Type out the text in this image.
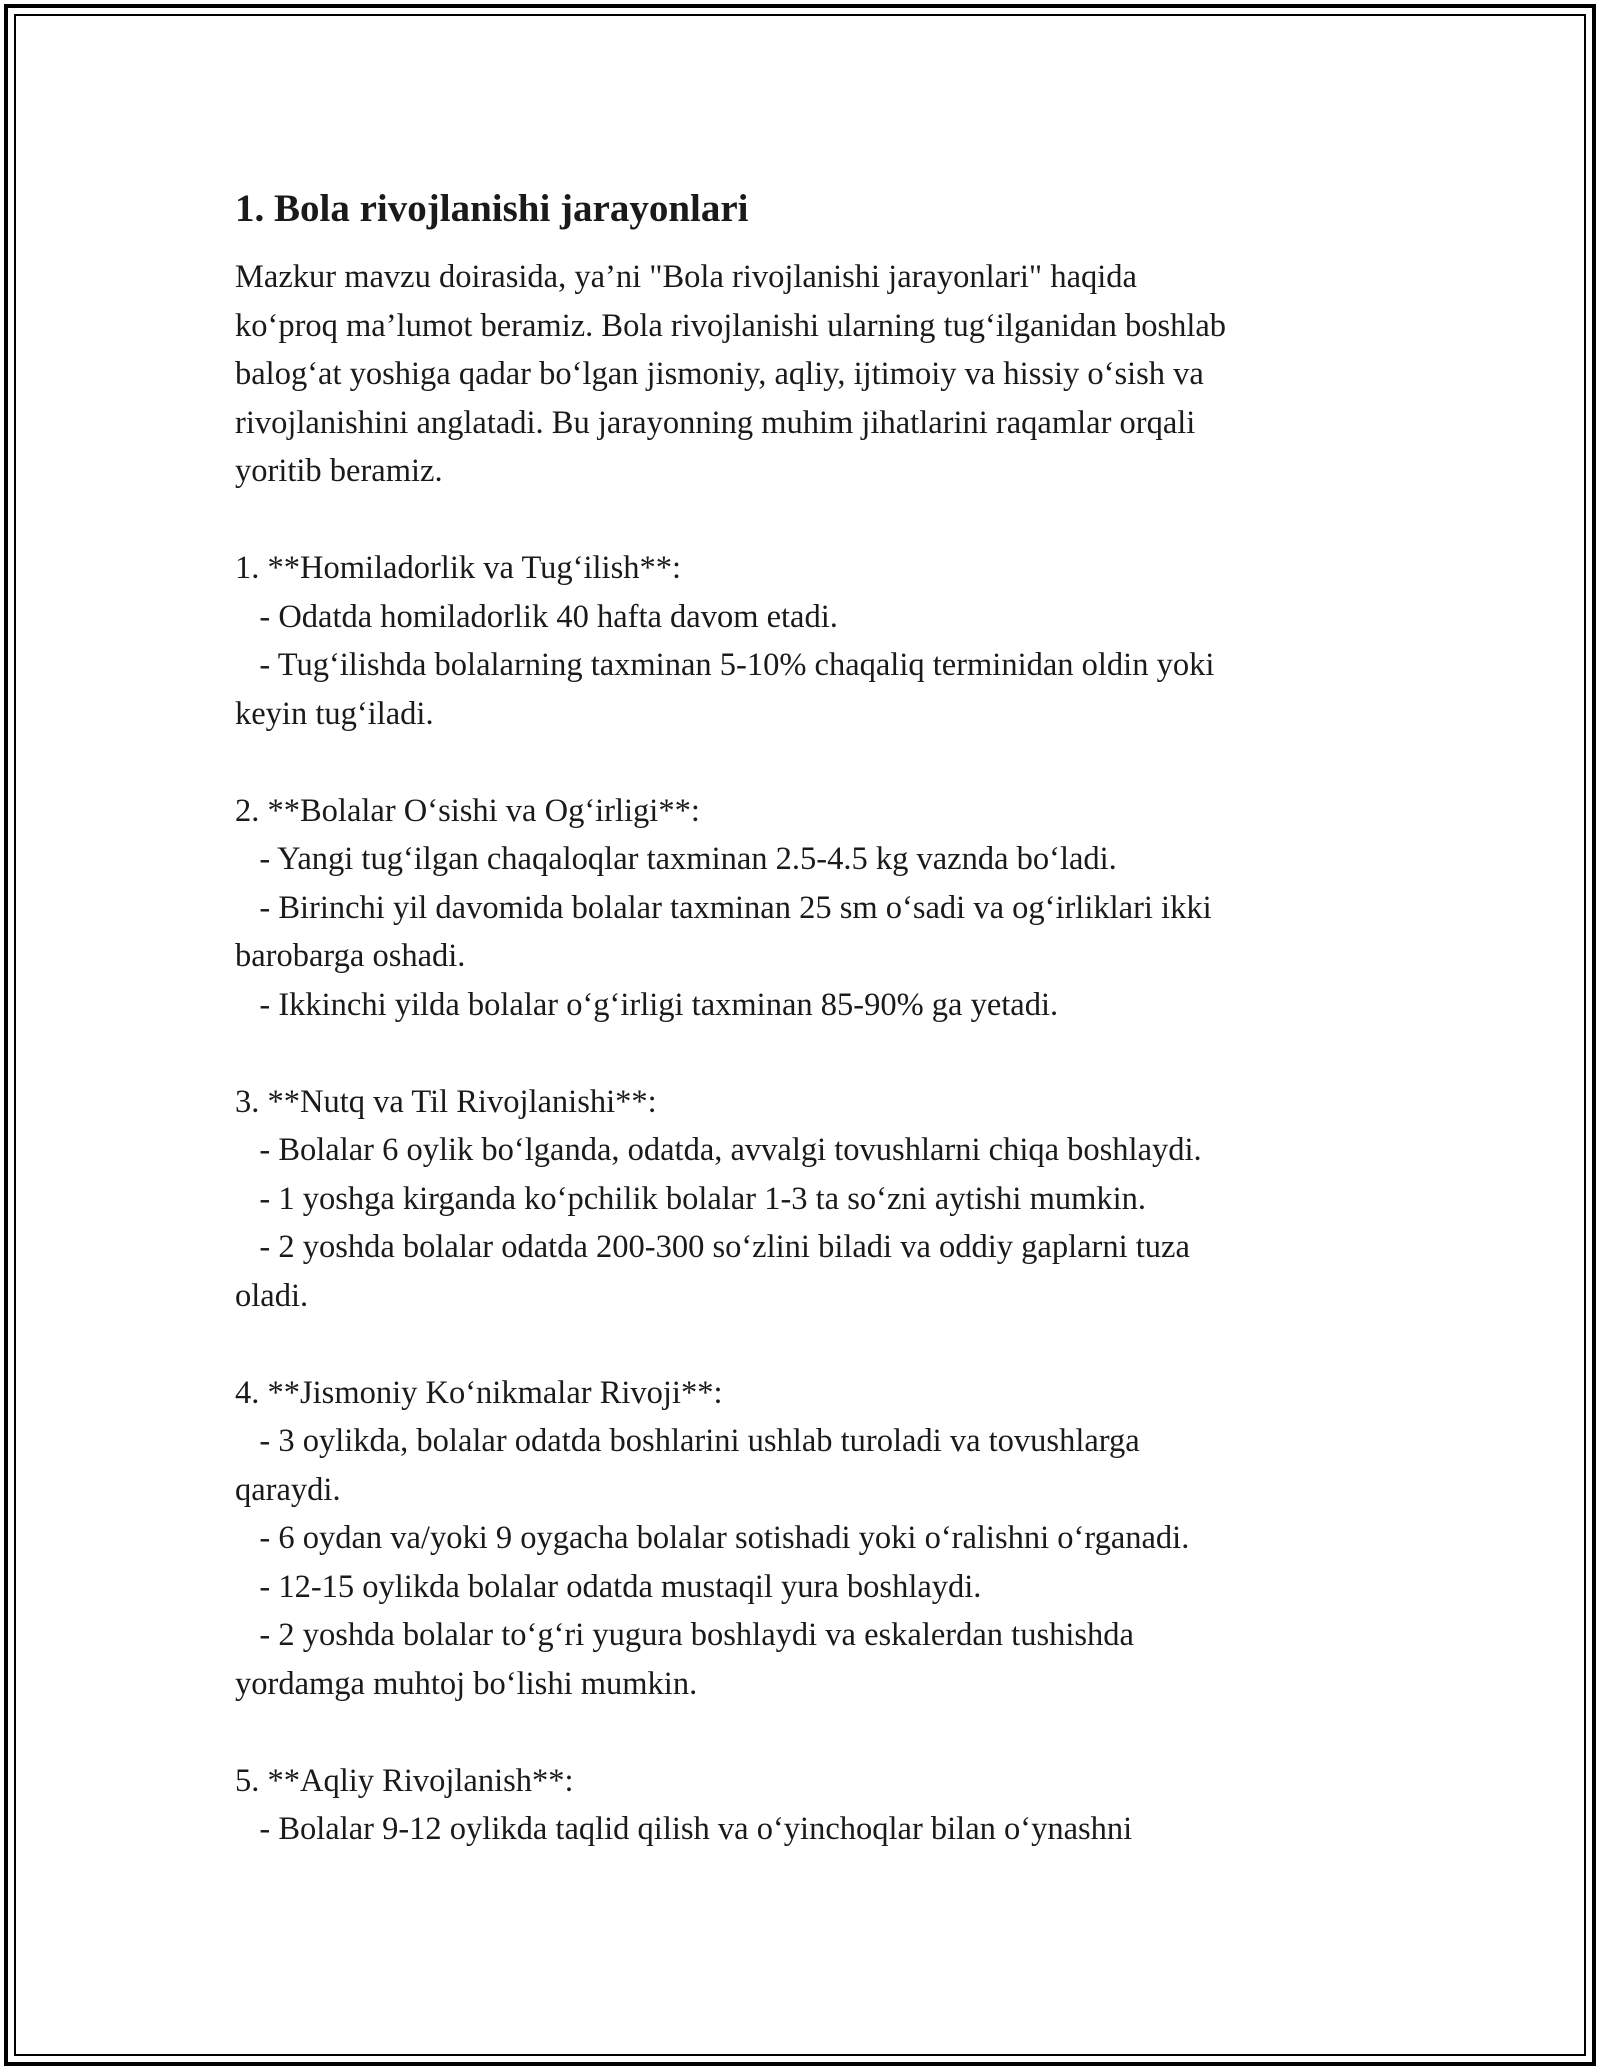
1. Bola rivojlanishi jarayonlari

Mazkur mavzu doirasida, ya’ni "Bola rivojlanishi jarayonlari" haqida

ko‘proq ma’lumot beramiz. Bola rivojlanishi ularning tug‘ilganidan boshlab

balog‘at yoshiga qadar bo‘lgan jismoniy, aqliy, ijtimoiy va hissiy o‘sish va

rivojlanishini anglatadi. Bu jarayonning muhim jihatlarini raqamlar orqali

yoritib beramiz.

1. **Homiladorlik va Tug‘ilish**:

- Odatda homiladorlik 40 hafta davom etadi.

- Tug‘ilishda bolalarning taxminan 5-10% chaqaliq terminidan oldin yoki

keyin tug‘iladi.

2. **Bolalar O‘sishi va Og‘irligi**:

- Yangi tug‘ilgan chaqaloqlar taxminan 2.5-4.5 kg vaznda bo‘ladi.

- Birinchi yil davomida bolalar taxminan 25 sm o‘sadi va og‘irliklari ikki

barobarga oshadi.

- Ikkinchi yilda bolalar o‘g‘irligi taxminan 85-90% ga yetadi.

3. **Nutq va Til Rivojlanishi**:

- Bolalar 6 oylik bo‘lganda, odatda, avvalgi tovushlarni chiqa boshlaydi.

- 1 yoshga kirganda ko‘pchilik bolalar 1-3 ta so‘zni aytishi mumkin.

- 2 yoshda bolalar odatda 200-300 so‘zlini biladi va oddiy gaplarni tuza

oladi.

4. **Jismoniy Ko‘nikmalar Rivoji**:

- 3 oylikda, bolalar odatda boshlarini ushlab turoladi va tovushlarga

qaraydi.

- 6 oydan va/yoki 9 oygacha bolalar sotishadi yoki o‘ralishni o‘rganadi.

- 12-15 oylikda bolalar odatda mustaqil yura boshlaydi.

- 2 yoshda bolalar to‘g‘ri yugura boshlaydi va eskalerdan tushishda

yordamga muhtoj bo‘lishi mumkin.

5. **Aqliy Rivojlanish**:

- Bolalar 9-12 oylikda taqlid qilish va o‘yinchoqlar bilan o‘ynashni
